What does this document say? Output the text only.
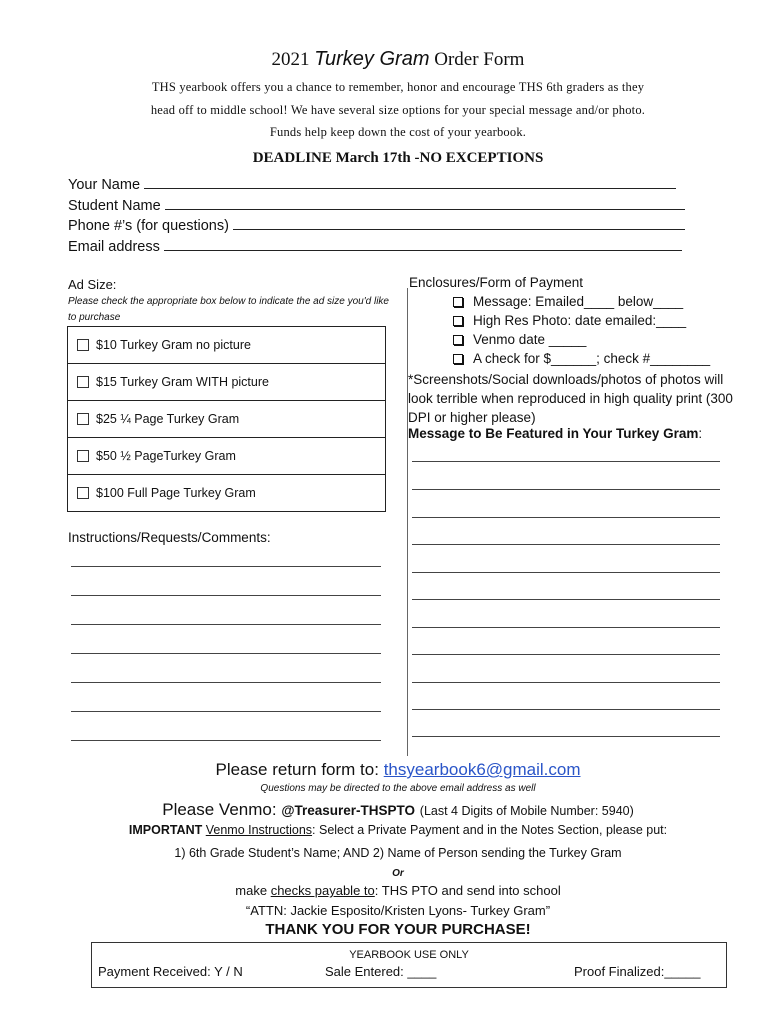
2021 Turkey Gram Order Form
THS yearbook offers you a chance to remember, honor and encourage THS 6th graders as they
head off to middle school! We have several size options for your special message and/or photo.
Funds help keep down the cost of your yearbook.
DEADLINE March 17th -NO EXCEPTIONS
Your Name
Student Name
Phone #’s (for questions)
Email address
Ad Size:
Please check the appropriate box below to indicate the ad size you'd like to purchase
$10 Turkey Gram no picture
$15 Turkey Gram WITH picture
$25 ¼ Page Turkey Gram
$50 ½ PageTurkey Gram
$100 Full Page Turkey Gram
Instructions/Requests/Comments:
Enclosures/Form of Payment
Message: Emailed____ below____
High Res Photo: date emailed:____
Venmo date _____
A check for $______; check #________
*Screenshots/Social downloads/photos of photos will look terrible when reproduced in high quality print (300 DPI or higher please)
Message to Be Featured in Your Turkey Gram:
Please return form to: thsyearbook6@gmail.com
Questions may be directed to the above email address as well
Please Venmo: @Treasurer-THSPTO (Last 4 Digits of Mobile Number: 5940)
IMPORTANT Venmo Instructions: Select a Private Payment and in the Notes Section, please put:
1) 6th Grade Student’s Name; AND 2) Name of Person sending the Turkey Gram
Or
make checks payable to: THS PTO and send into school
“ATTN: Jackie Esposito/Kristen Lyons- Turkey Gram”
THANK YOU FOR YOUR PURCHASE!
YEARBOOK USE ONLY
Payment Received: Y / N	Sale Entered: ____	Proof Finalized:_____
